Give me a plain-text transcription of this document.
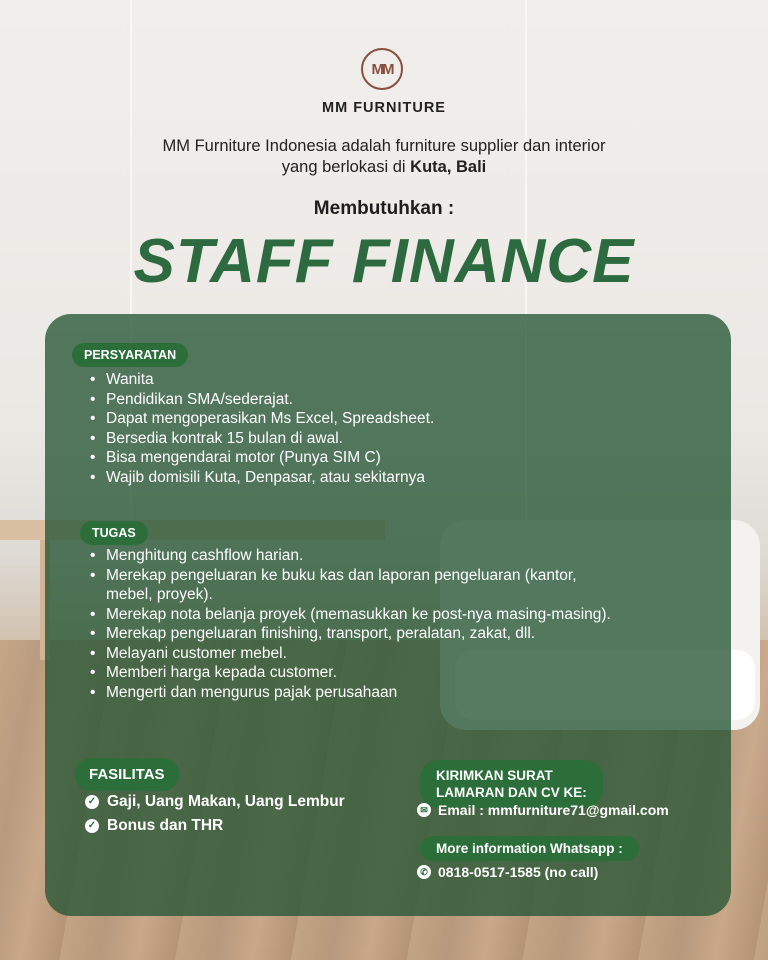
MM
MM FURNITURE
MM Furniture Indonesia adalah furniture supplier dan interior
yang berlokasi di Kuta, Bali
Membutuhkan :
STAFF FINANCE
PERSYARATAN
• Wanita
• Pendidikan SMA/sederajat.
• Dapat mengoperasikan Ms Excel, Spreadsheet.
• Bersedia kontrak 15 bulan di awal.
• Bisa mengendarai motor (Punya SIM C)
• Wajib domisili Kuta, Denpasar, atau sekitarnya
TUGAS
• Menghitung cashflow harian.
• Merekap pengeluaran ke buku kas dan laporan pengeluaran (kantor, mebel, proyek).
• Merekap nota belanja proyek (memasukkan ke post-nya masing-masing).
• Merekap pengeluaran finishing, transport, peralatan, zakat, dll.
• Melayani customer mebel.
• Memberi harga kepada customer.
• Mengerti dan mengurus pajak perusahaan
FASILITAS
✓ Gaji, Uang Makan, Uang Lembur
✓ Bonus dan THR
KIRIMKAN SURAT
LAMARAN DAN CV KE:
✉ Email : mmfurniture71@gmail.com
More information Whatsapp :
✆ 0818-0517-1585 (no call)
